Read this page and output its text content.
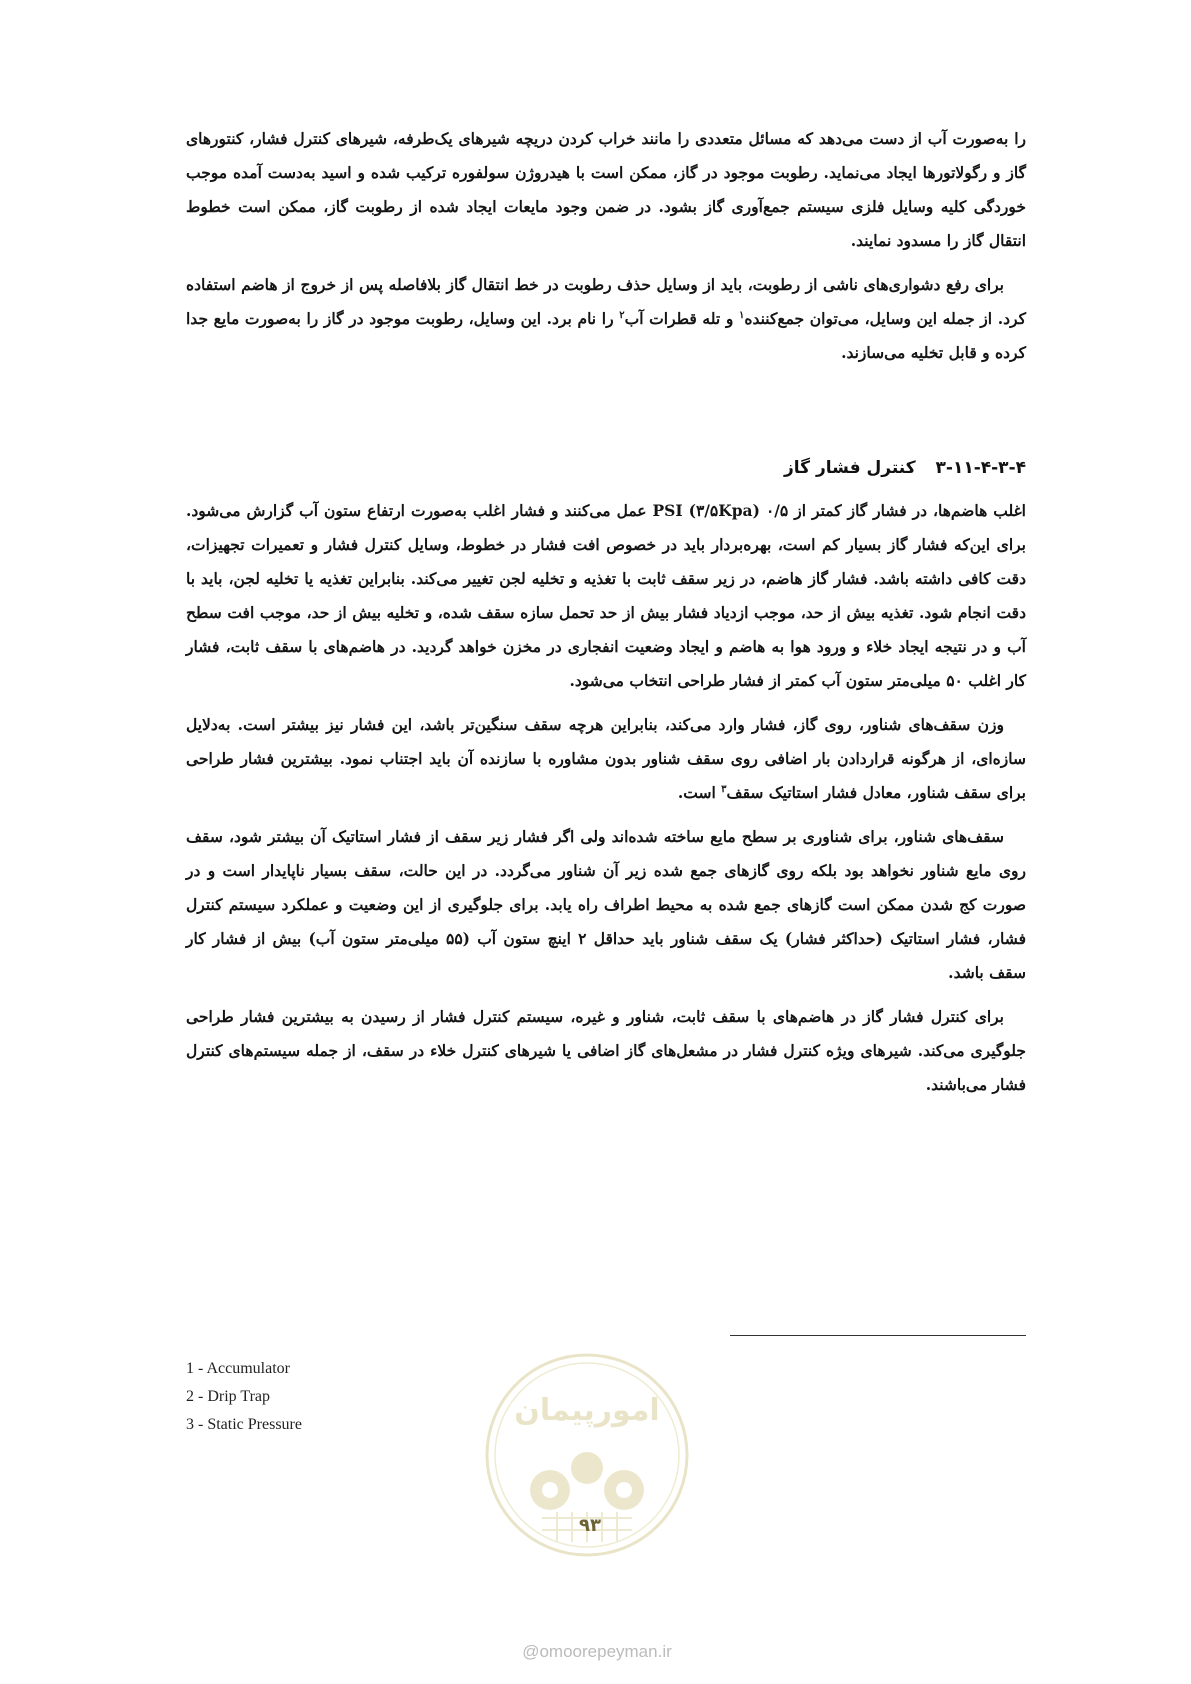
را به‌صورت آب از دست می‌دهد که مسائل متعددی را مانند خراب کردن دریچه شیرهای یک‌طرفه، شیرهای کنترل فشار، کنتورهای گاز و رگولاتورها ایجاد می‌نماید. رطوبت موجود در گاز، ممکن است با هیدروژن سولفوره ترکیب شده و اسید به‌دست آمده موجب خوردگی کلیه وسایل فلزی سیستم جمع‌آوری گاز بشود. در ضمن وجود مایعات ایجاد شده از رطوبت گاز، ممکن است خطوط انتقال گاز را مسدود نمایند.

برای رفع دشواری‌های ناشی از رطوبت، باید از وسایل حذف رطوبت در خط انتقال گاز بلافاصله پس از خروج از هاضم استفاده کرد. از جمله این وسایل، می‌توان جمع‌کننده$^۱$ و تله قطرات آب$^۲$ را نام برد. این وسایل، رطوبت موجود در گاز را به‌صورت مایع جدا کرده و قابل تخلیه می‌سازند.

۳-۱۱-۴-۳-۴ کنترل فشار گاز

اغلب هاضم‌ها، در فشار گاز کمتر از ۰/۵ PSI (۳/۵Kpa) عمل می‌کنند و فشار اغلب به‌صورت ارتفاع ستون آب گزارش می‌شود. برای این‌که فشار گاز بسیار کم است، بهره‌بردار باید در خصوص افت فشار در خطوط، وسایل کنترل فشار و تعمیرات تجهیزات، دقت کافی داشته باشد. فشار گاز هاضم، در زیر سقف ثابت با تغذیه و تخلیه لجن تغییر می‌کند. بنابراین تغذیه یا تخلیه لجن، باید با دقت انجام شود. تغذیه بیش از حد، موجب ازدیاد فشار بیش از حد تحمل سازه سقف شده، و تخلیه بیش از حد، موجب افت سطح آب و در نتیجه ایجاد خلاء و ورود هوا به هاضم و ایجاد وضعیت انفجاری در مخزن خواهد گردید. در هاضم‌های با سقف ثابت، فشار کار اغلب ۵۰ میلی‌متر ستون آب کمتر از فشار طراحی انتخاب می‌شود.

وزن سقف‌های شناور، روی گاز، فشار وارد می‌کند، بنابراین هرچه سقف سنگین‌تر باشد، این فشار نیز بیشتر است. به‌دلایل سازه‌ای، از هرگونه قراردادن بار اضافی روی سقف شناور بدون مشاوره با سازنده آن باید اجتناب نمود. بیشترین فشار طراحی برای سقف شناور، معادل فشار استاتیک سقف$^۳$ است.

سقف‌های شناور، برای شناوری بر سطح مایع ساخته شده‌اند ولی اگر فشار زیر سقف از فشار استاتیک آن بیشتر شود، سقف روی مایع شناور نخواهد بود بلکه روی گازهای جمع شده زیر آن شناور می‌گردد. در این حالت، سقف بسیار ناپایدار است و در صورت کج شدن ممکن است گازهای جمع شده به محیط اطراف راه یابد. برای جلوگیری از این وضعیت و عملکرد سیستم کنترل فشار، فشار استاتیک (حداکثر فشار) یک سقف شناور باید حداقل ۲ اینچ ستون آب (۵۵ میلی‌متر ستون آب) بیش از فشار کار سقف باشد.

برای کنترل فشار گاز در هاضم‌های با سقف ثابت، شناور و غیره، سیستم کنترل فشار از رسیدن به بیشترین فشار طراحی جلوگیری می‌کند. شیرهای ویژه کنترل فشار در مشعل‌های گاز اضافی یا شیرهای کنترل خلاء در سقف، از جمله سیستم‌های کنترل فشار می‌باشند.

1 - Accumulator
2 - Drip Trap
3 - Static Pressure	امورپیمان
۹۳
@omoorepeyman.ir
